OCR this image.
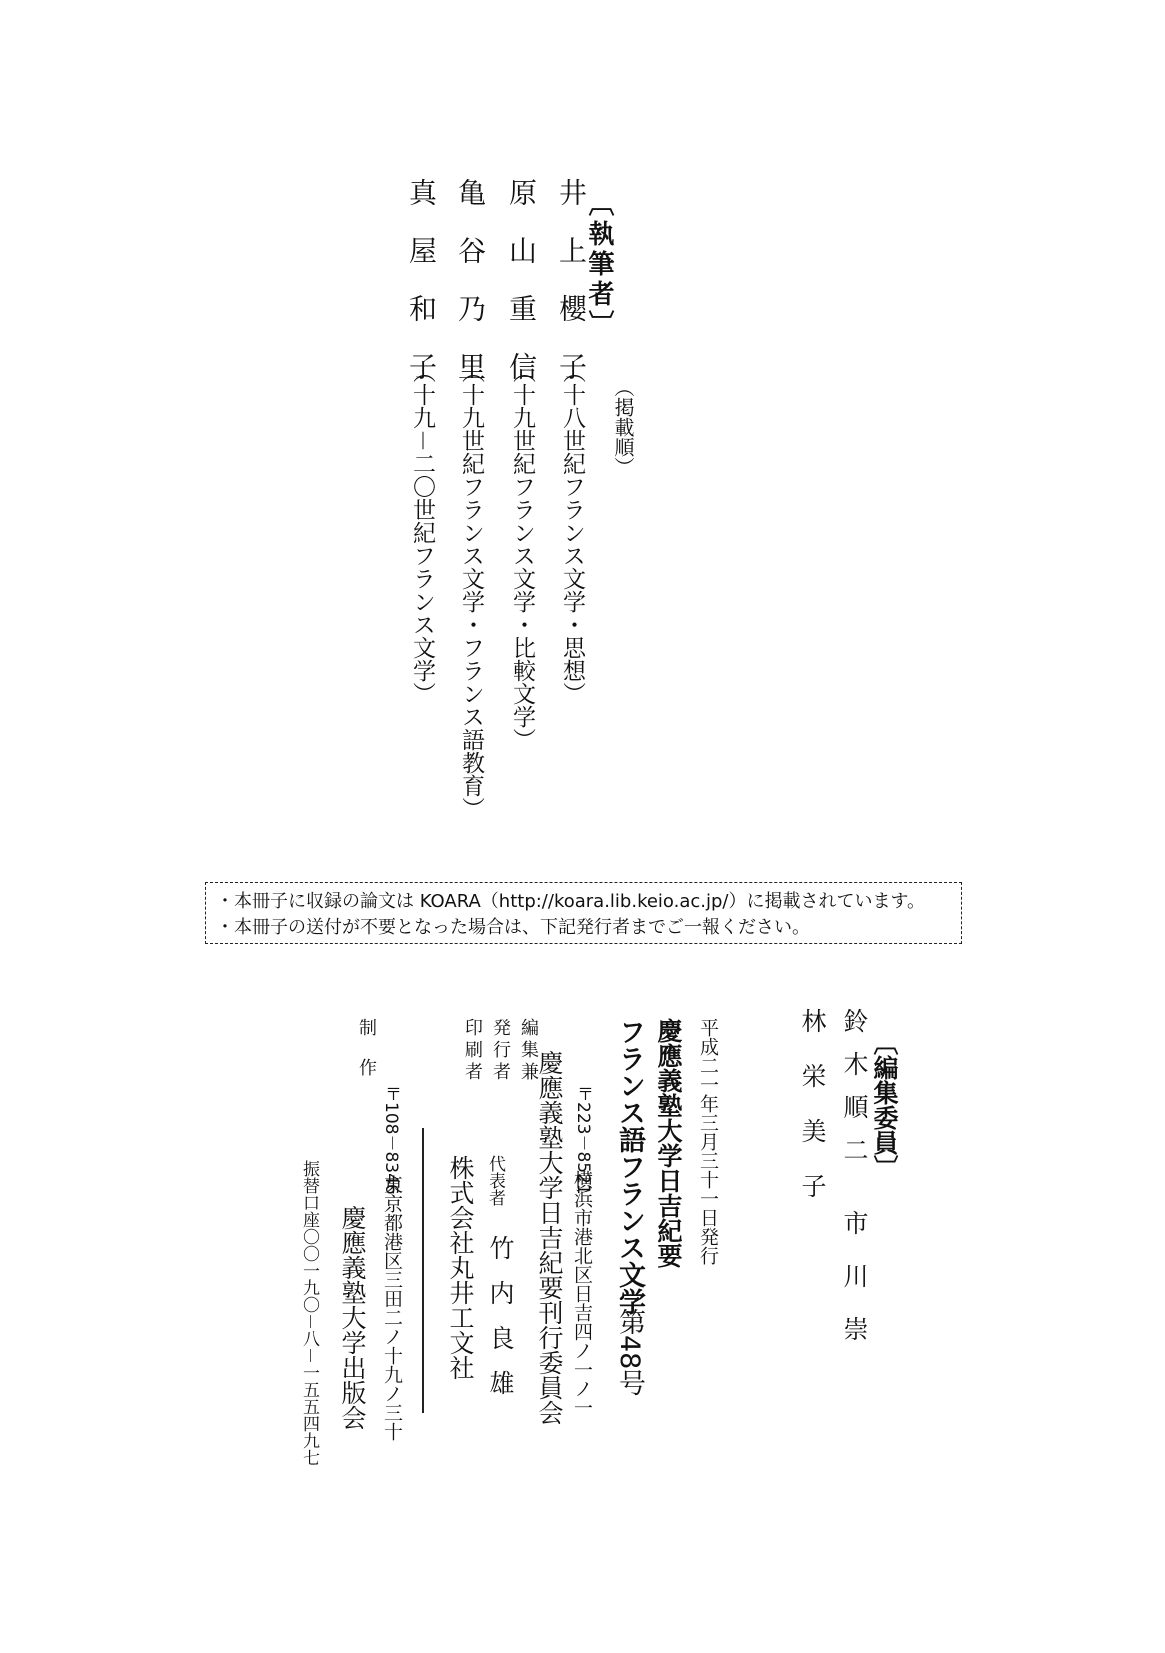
〔執筆者〕
（掲載順）
井上櫻子
（十八世紀フランス文学・思想）
原山重信
（十九世紀フランス文学・比較文学）
亀谷乃里
（十九世紀フランス文学・フランス語教育）
真屋和子
（十九－二〇世紀フランス文学）
・本冊子に収録の論文は KOARA（http://koara.lib.keio.ac.jp/）に掲載されています。
・本冊子の送付が不要となった場合は、下記発行者までご一報ください。
〔編集委員〕
鈴木順二
市川崇
林栄美子
平成二一年三月三十一日発行
慶應義塾大学日吉紀要
フランス語フランス文学
第48号
〒223－8521
横浜市港北区日吉四ノ一ノ一
編集兼
発行者
印刷者 慶應義塾大学日吉紀要刊行委員会
代表者
竹内良雄
株式会社丸井工文社
制作
〒108－8346
東京都港区三田二ノ十九ノ三十
慶應義塾大学出版会
振替口座〇〇一九〇－八－一五五四九七
